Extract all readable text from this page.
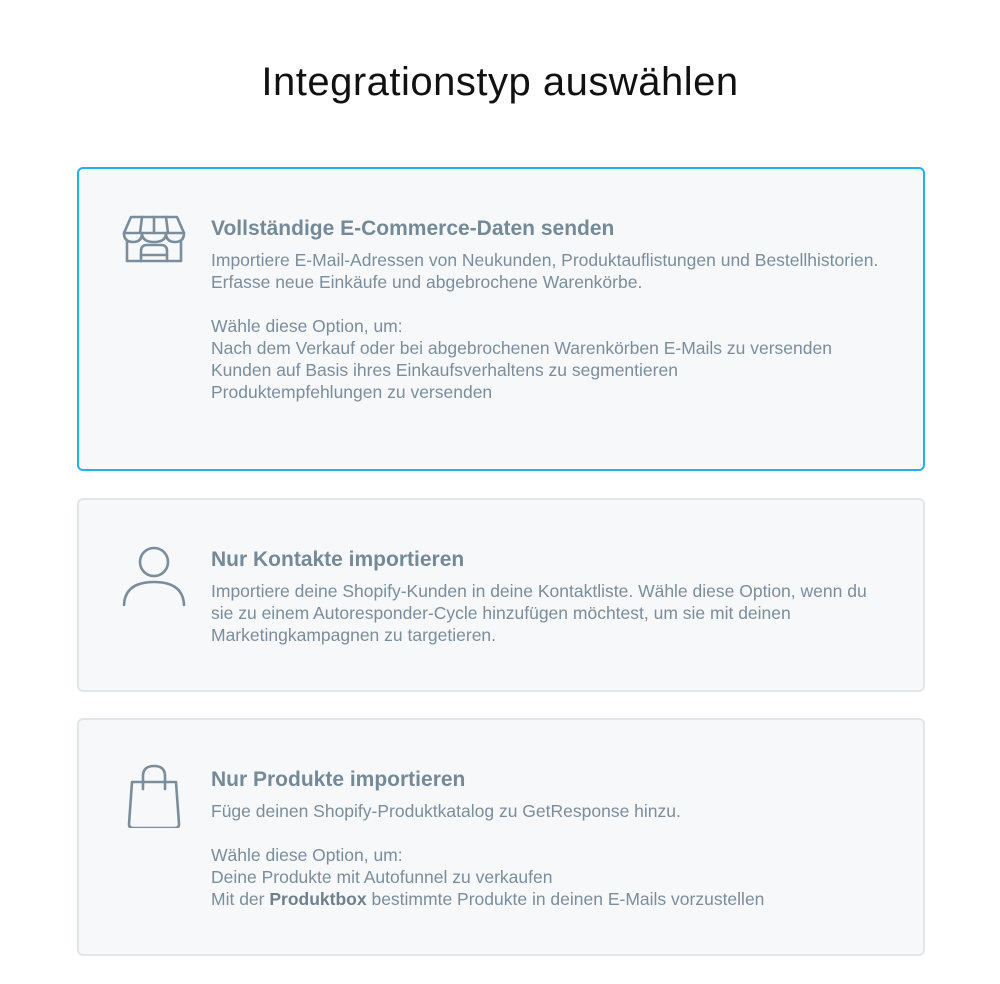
Integrationstyp auswählen

Vollständige E-Commerce-Daten senden

Importiere E-Mail-Adressen von Neukunden, Produktauflistungen und Bestellhistorien. Erfasse neue Einkäufe und abgebrochene Warenkörbe.

Wähle diese Option, um:

Nach dem Verkauf oder bei abgebrochenen Warenkörben E-Mails zu versenden

Kunden auf Basis ihres Einkaufsverhaltens zu segmentieren

Produktempfehlungen zu versenden

Nur Kontakte importieren

Importiere deine Shopify-Kunden in deine Kontaktliste. Wähle diese Option, wenn du sie zu einem Autoresponder-Cycle hinzufügen möchtest, um sie mit deinen Marketingkampagnen zu targetieren.

Nur Produkte importieren

Füge deinen Shopify-Produktkatalog zu GetResponse hinzu.

Wähle diese Option, um:

Deine Produkte mit Autofunnel zu verkaufen

Mit der Produktbox bestimmte Produkte in deinen E-Mails vorzustellen
